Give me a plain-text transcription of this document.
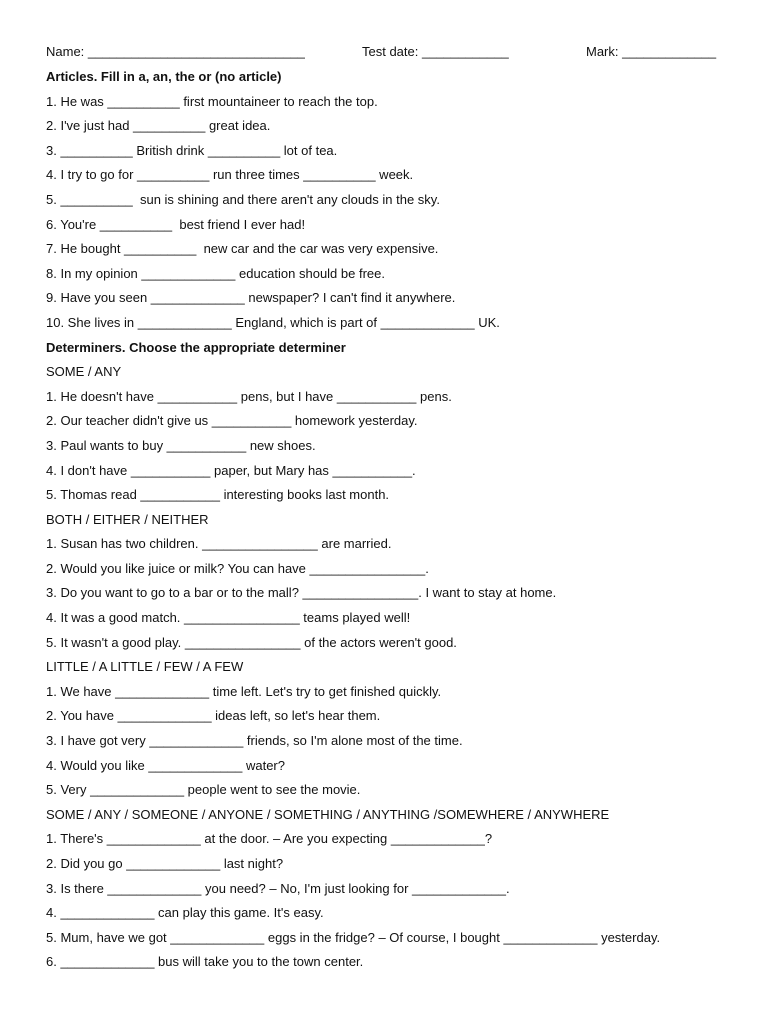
Name: ______________________________	Test date: ____________	Mark: _____________
Articles. Fill in a, an, the or (no article)
1. He was __________ first mountaineer to reach the top.
2. I've just had __________ great idea.
3. __________ British drink __________ lot of tea.
4. I try to go for __________ run three times __________ week.
5. __________  sun is shining and there aren't any clouds in the sky.
6. You're __________  best friend I ever had!
7. He bought __________  new car and the car was very expensive.
8. In my opinion _____________ education should be free.
9. Have you seen _____________ newspaper? I can't find it anywhere.
10. She lives in _____________ England, which is part of _____________ UK.
Determiners. Choose the appropriate determiner
SOME / ANY
1. He doesn't have ___________ pens, but I have ___________ pens.
2. Our teacher didn't give us ___________ homework yesterday.
3. Paul wants to buy ___________ new shoes.
4. I don't have ___________ paper, but Mary has ___________.
5. Thomas read ___________ interesting books last month.
BOTH / EITHER / NEITHER
1. Susan has two children. ________________ are married.
2. Would you like juice or milk? You can have ________________.
3. Do you want to go to a bar or to the mall? ________________. I want to stay at home.
4. It was a good match. ________________ teams played well!
5. It wasn't a good play. ________________ of the actors weren't good.
LITTLE / A LITTLE / FEW / A FEW
1. We have _____________ time left. Let's try to get finished quickly.
2. You have _____________ ideas left, so let's hear them.
3. I have got very _____________ friends, so I'm alone most of the time.
4. Would you like _____________ water?
5. Very _____________ people went to see the movie.
SOME / ANY / SOMEONE / ANYONE / SOMETHING / ANYTHING /SOMEWHERE / ANYWHERE
1. There's _____________ at the door. – Are you expecting _____________?
2. Did you go _____________ last night?
3. Is there _____________ you need? – No, I'm just looking for _____________.
4. _____________ can play this game. It's easy.
5. Mum, have we got _____________ eggs in the fridge? – Of course, I bought _____________ yesterday.
6. _____________ bus will take you to the town center.
